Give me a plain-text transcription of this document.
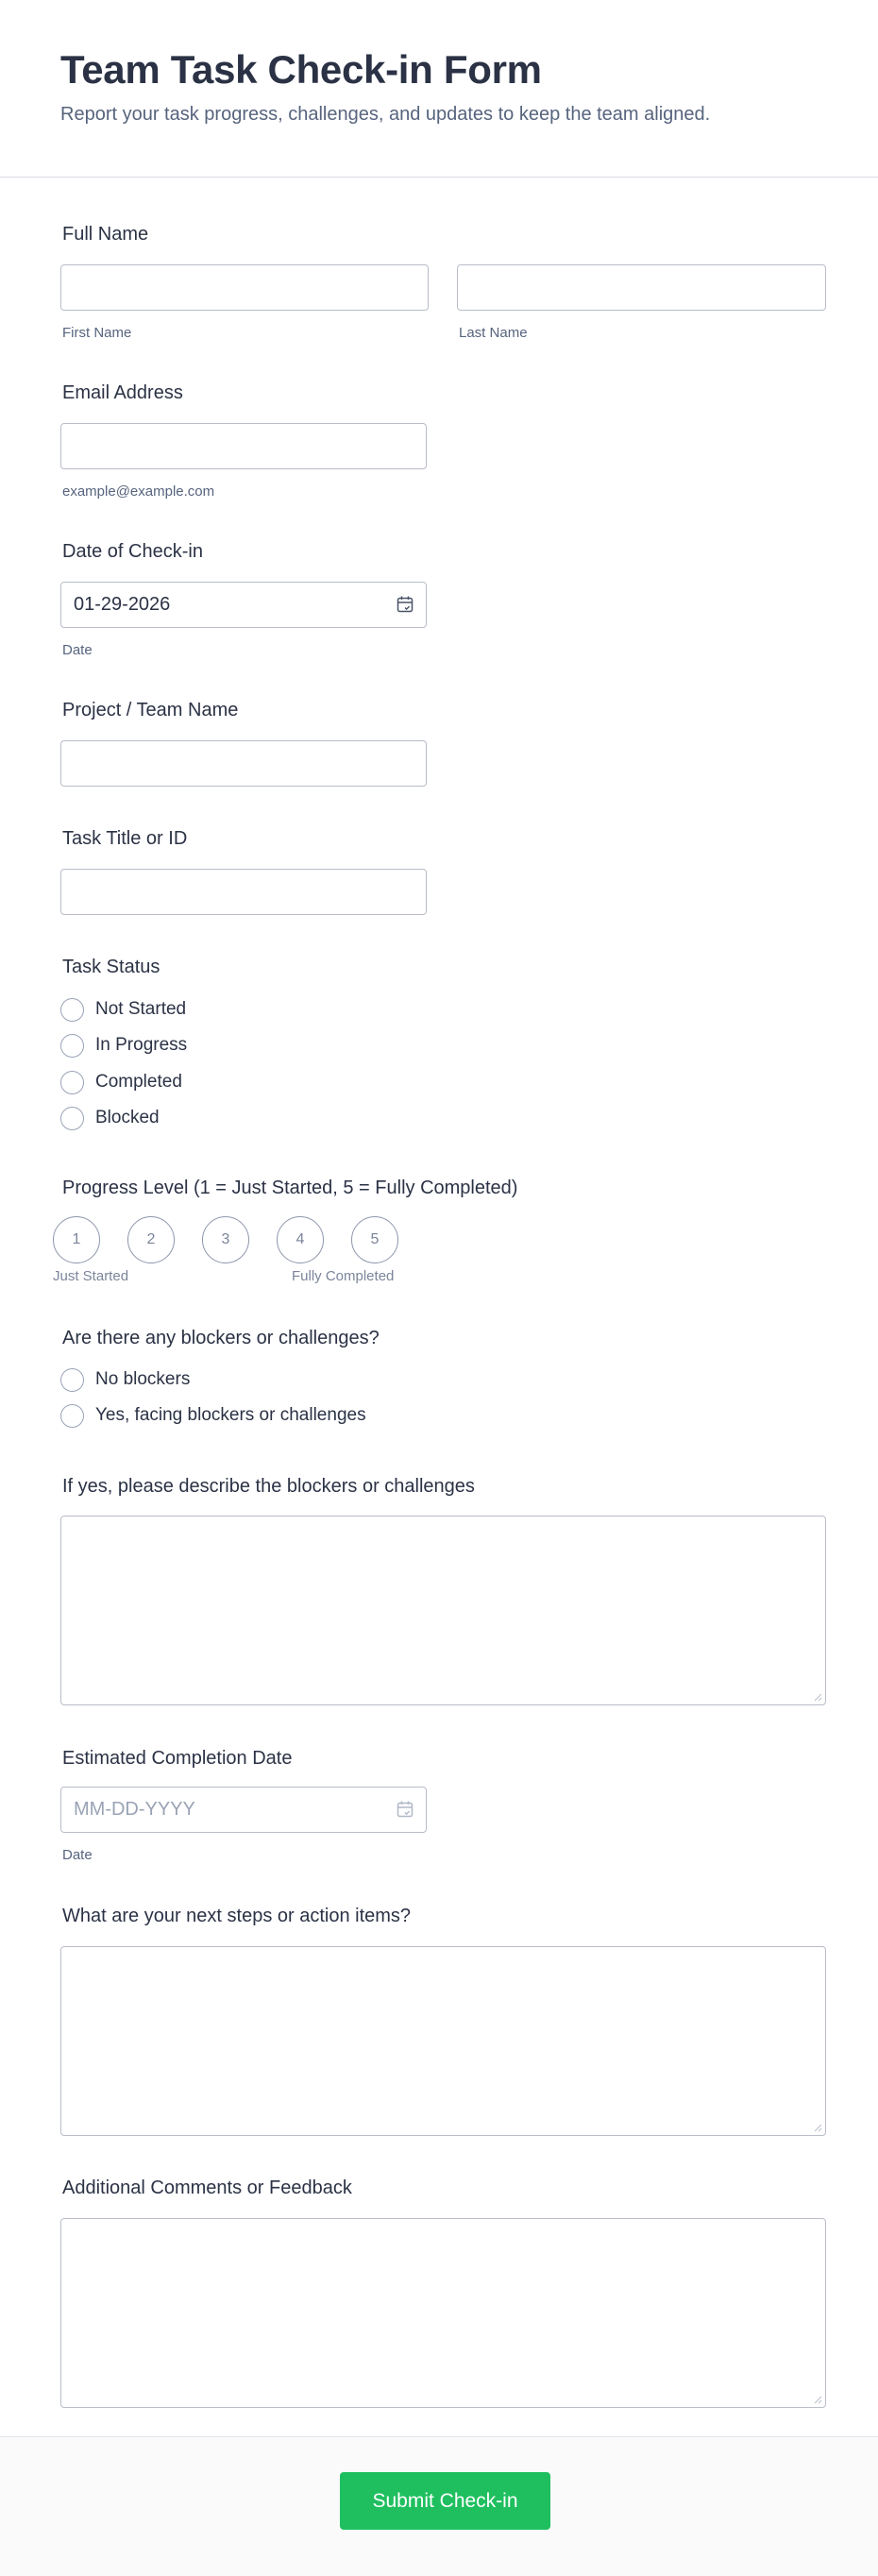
Team Task Check-in Form
Report your task progress, challenges, and updates to keep the team aligned.
Full Name
First Name	Last Name
Email Address
example@example.com
Date of Check-in
01-29-2026
Date
Project / Team Name
Task Title or ID
Task Status
Not Started
In Progress
Completed
Blocked
Progress Level (1 = Just Started, 5 = Fully Completed)
1	2	3	4	5
Just Started	Fully Completed
Are there any blockers or challenges?
No blockers
Yes, facing blockers or challenges
If yes, please describe the blockers or challenges
Estimated Completion Date
MM-DD-YYYY
Date
What are your next steps or action items?
Additional Comments or Feedback
Submit Check-in
